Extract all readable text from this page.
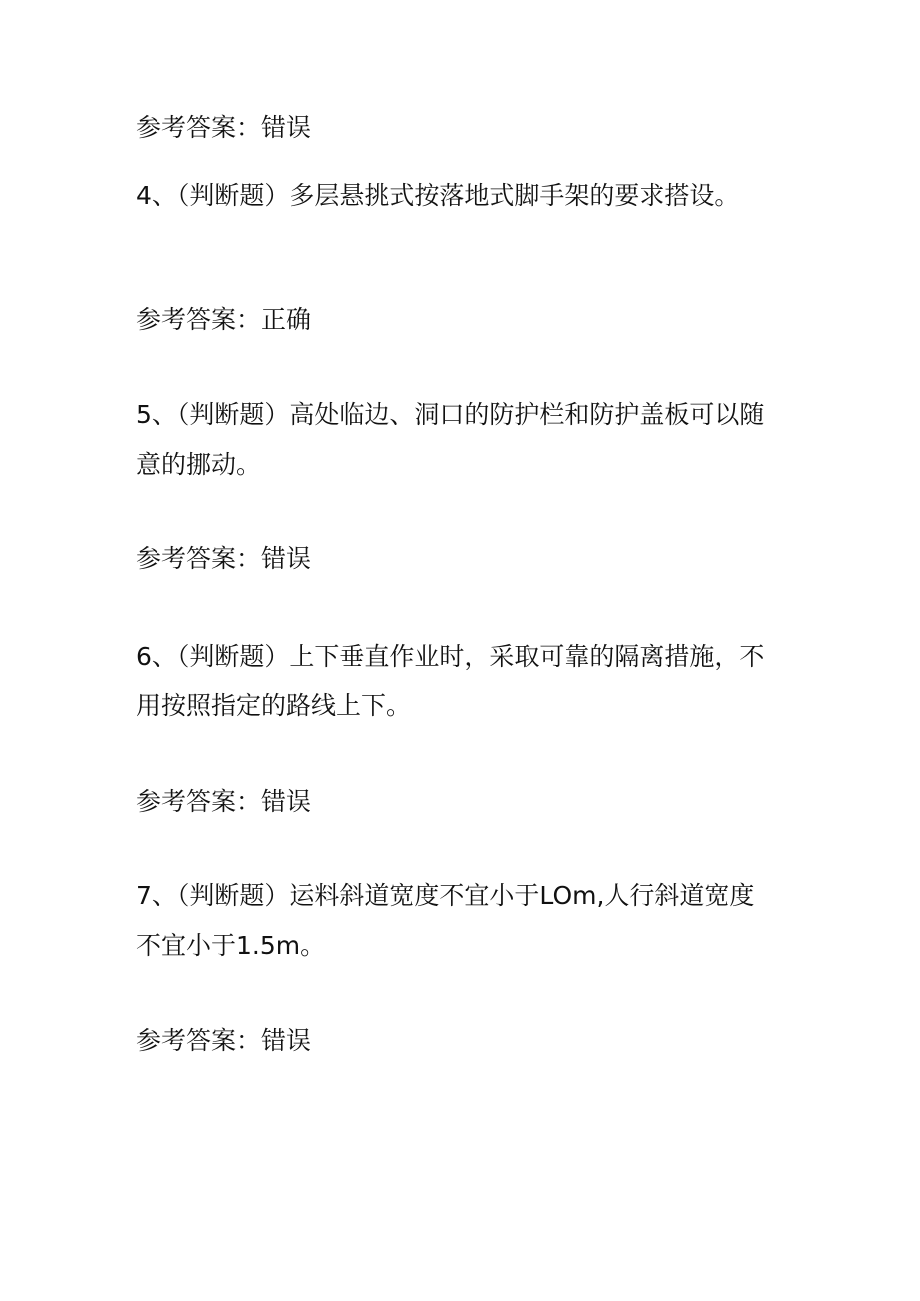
参考答案：错误
4、（判断题）多层悬挑式按落地式脚手架的要求搭设。
参考答案：正确
5、（判断题）高处临边、洞口的防护栏和防护盖板可以随
意的挪动。
参考答案：错误
6、（判断题）上下垂直作业时，采取可靠的隔离措施，不
用按照指定的路线上下。
参考答案：错误
7、（判断题）运料斜道宽度不宜小于LOm,人行斜道宽度
不宜小于1.5m。
参考答案：错误
